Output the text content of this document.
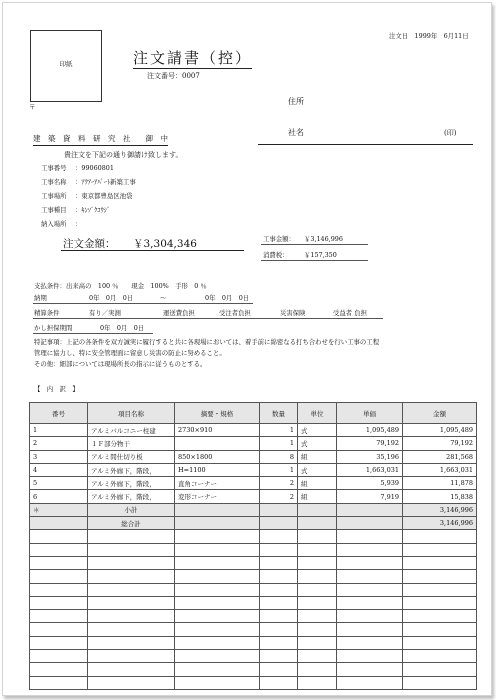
注文日　1999年　6月11日
印紙	注文請書（控）
注文番号：0007
〒
住所
社名	(印)
建　築　資　料　研　究　社　　御　中
貴注文を下記の通り御請け致します。
工事番号 ：99060801
工事名称 ：ｱｸｱｰｱﾊﾟｰﾄ新築工事
工事場所 ：東京都豊島区池袋
工事種目 ：ｷﾝｿﾞｸｺｳｼﾞ
納入場所 ：
注文金額： ￥3,304,346	工事金額： ￥3,146,996
消費税： ￥157,350
支払条件：出来高の　100 ％　　現金　100%　手形　0 ％
納期	0年　0月　0日	～	0年　0月　0日
精算条件	有り／実測	運送費負担	受注者負担	災害保険	受益者 負担
かし担保期間	0年　0月　0日
特記事項：上記の各条件を双方誠実に履行すると共に各現場においては、着手前に綿密なる打ち合わせを行い工事の工程
管理に協力し、特に安全管理面に留意し災害の防止に努めること。
その他：細部については現場所長の指示に従うものとする。
【　内　訳　】
番号	項目名称	摘要・規格	数量	単位	単価	金額
1	アルミバルコニー柱建	2730×910	1	式	1,095,489	1,095,489
2	１Ｆ部分物干		1	式	79,192	79,192
3	アルミ間仕切り板	850×1800	8	組	35,196	281,568
4	アルミ外廊下，階段，	H=1100	1	式	1,663,031	1,663,031
5	アルミ外廊下，階段，	直角コーナー	2	組	5,939	11,878
6	アルミ外廊下，階段，	変形コーナー	2	組	7,919	15,838
＊	小計					3,146,996
	総合計					3,146,996
